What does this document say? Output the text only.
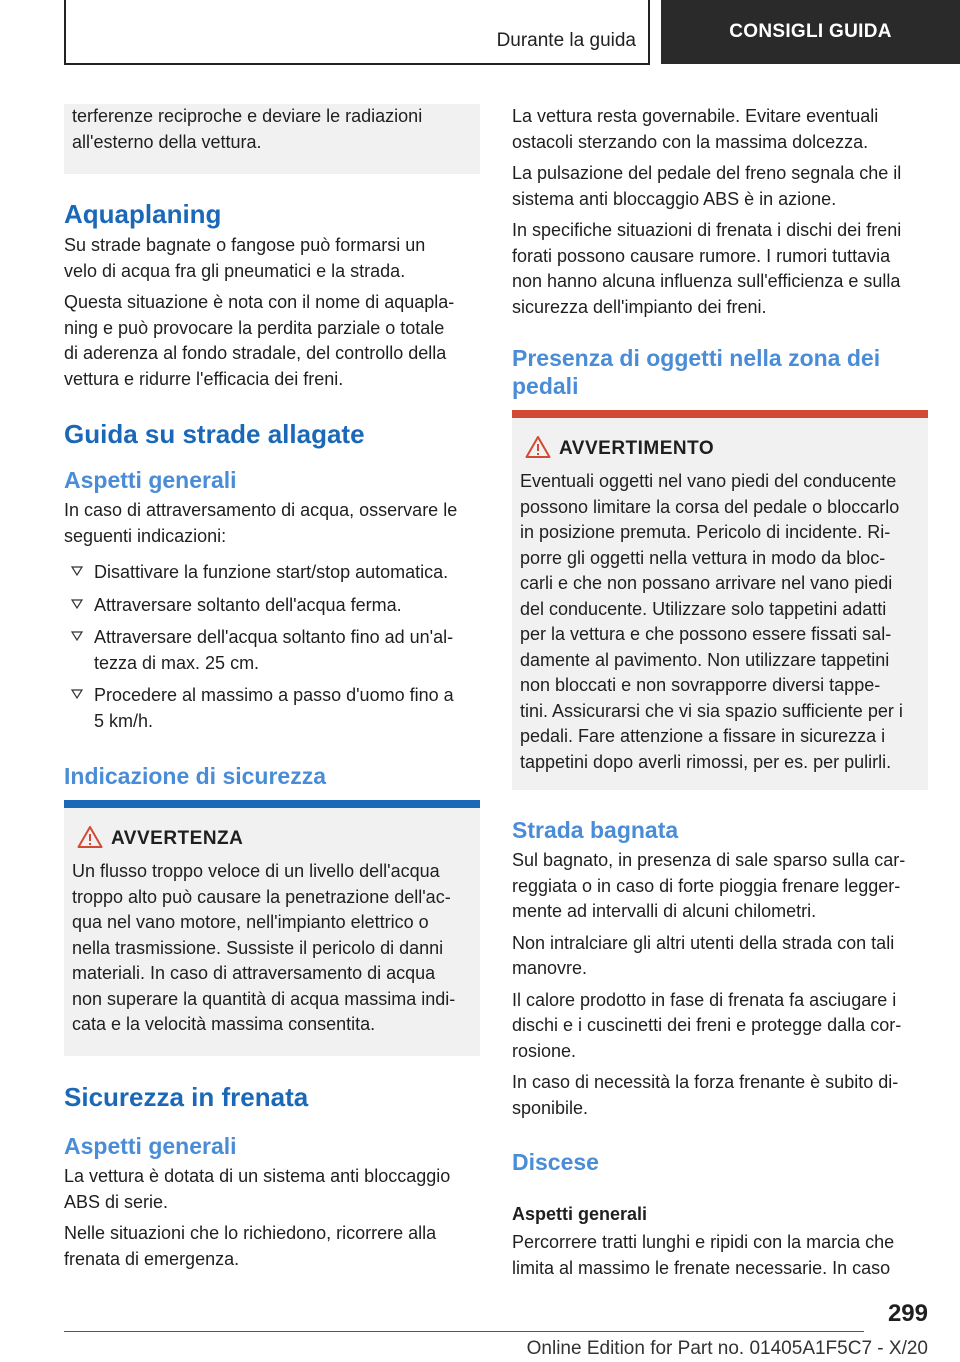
Durante la guida	CONSIGLI GUIDA

terferenze reciproche e deviare le radiazioni

all'esterno della vettura.

Aquaplaning

Su strade bagnate o fangose può formarsi un

velo di acqua fra gli pneumatici e la strada.

Questa situazione è nota con il nome di aquapla‐

ning e può provocare la perdita parziale o totale

di aderenza al fondo stradale, del controllo della

vettura e ridurre l'efficacia dei freni.

Guida su strade allagate
Aspetti generali

In caso di attraversamento di acqua, osservare le

seguenti indicazioni:

Disattivare la funzione start/stop automatica.
Attraversare soltanto dell'acqua ferma.
Attraversare dell'acqua soltanto fino ad un'al‐
tezza di max. 25 cm.
Procedere al massimo a passo d'uomo fino a
5 km/h.
Indicazione di sicurezza
AVVERTENZA

Un flusso troppo veloce di un livello dell'acqua

troppo alto può causare la penetrazione dell'ac‐

qua nel vano motore, nell'impianto elettrico o

nella trasmissione. Sussiste il pericolo di danni

materiali. In caso di attraversamento di acqua

non superare la quantità di acqua massima indi‐

cata e la velocità massima consentita.

Sicurezza in frenata
Aspetti generali

La vettura è dotata di un sistema anti bloccaggio

ABS di serie.

Nelle situazioni che lo richiedono, ricorrere alla

frenata di emergenza.

La vettura resta governabile. Evitare eventuali

ostacoli sterzando con la massima dolcezza.

La pulsazione del pedale del freno segnala che il

sistema anti bloccaggio ABS è in azione.

In specifiche situazioni di frenata i dischi dei freni

forati possono causare rumore. I rumori tuttavia

non hanno alcuna influenza sull'efficienza e sulla

sicurezza dell'impianto dei freni.

Presenza di oggetti nella zona dei
pedali
AVVERTIMENTO

Eventuali oggetti nel vano piedi del conducente

possono limitare la corsa del pedale o bloccarlo

in posizione premuta. Pericolo di incidente. Ri‐

porre gli oggetti nella vettura in modo da bloc‐

carli e che non possano arrivare nel vano piedi

del conducente. Utilizzare solo tappetini adatti

per la vettura e che possono essere fissati sal‐

damente al pavimento. Non utilizzare tappetini

non bloccati e non sovrapporre diversi tappe‐

tini. Assicurarsi che vi sia spazio sufficiente per i

pedali. Fare attenzione a fissare in sicurezza i

tappetini dopo averli rimossi, per es. per pulirli.

Strada bagnata

Sul bagnato, in presenza di sale sparso sulla car‐

reggiata o in caso di forte pioggia frenare legger‐

mente ad intervalli di alcuni chilometri.

Non intralciare gli altri utenti della strada con tali

manovre.

Il calore prodotto in fase di frenata fa asciugare i

dischi e i cuscinetti dei freni e protegge dalla cor‐

rosione.

In caso di necessità la forza frenante è subito di‐

sponibile.

Discese
Aspetti generali

Percorrere tratti lunghi e ripidi con la marcia che

limita al massimo le frenate necessarie. In caso

299
Online Edition for Part no. 01405A1F5C7 - X/20
